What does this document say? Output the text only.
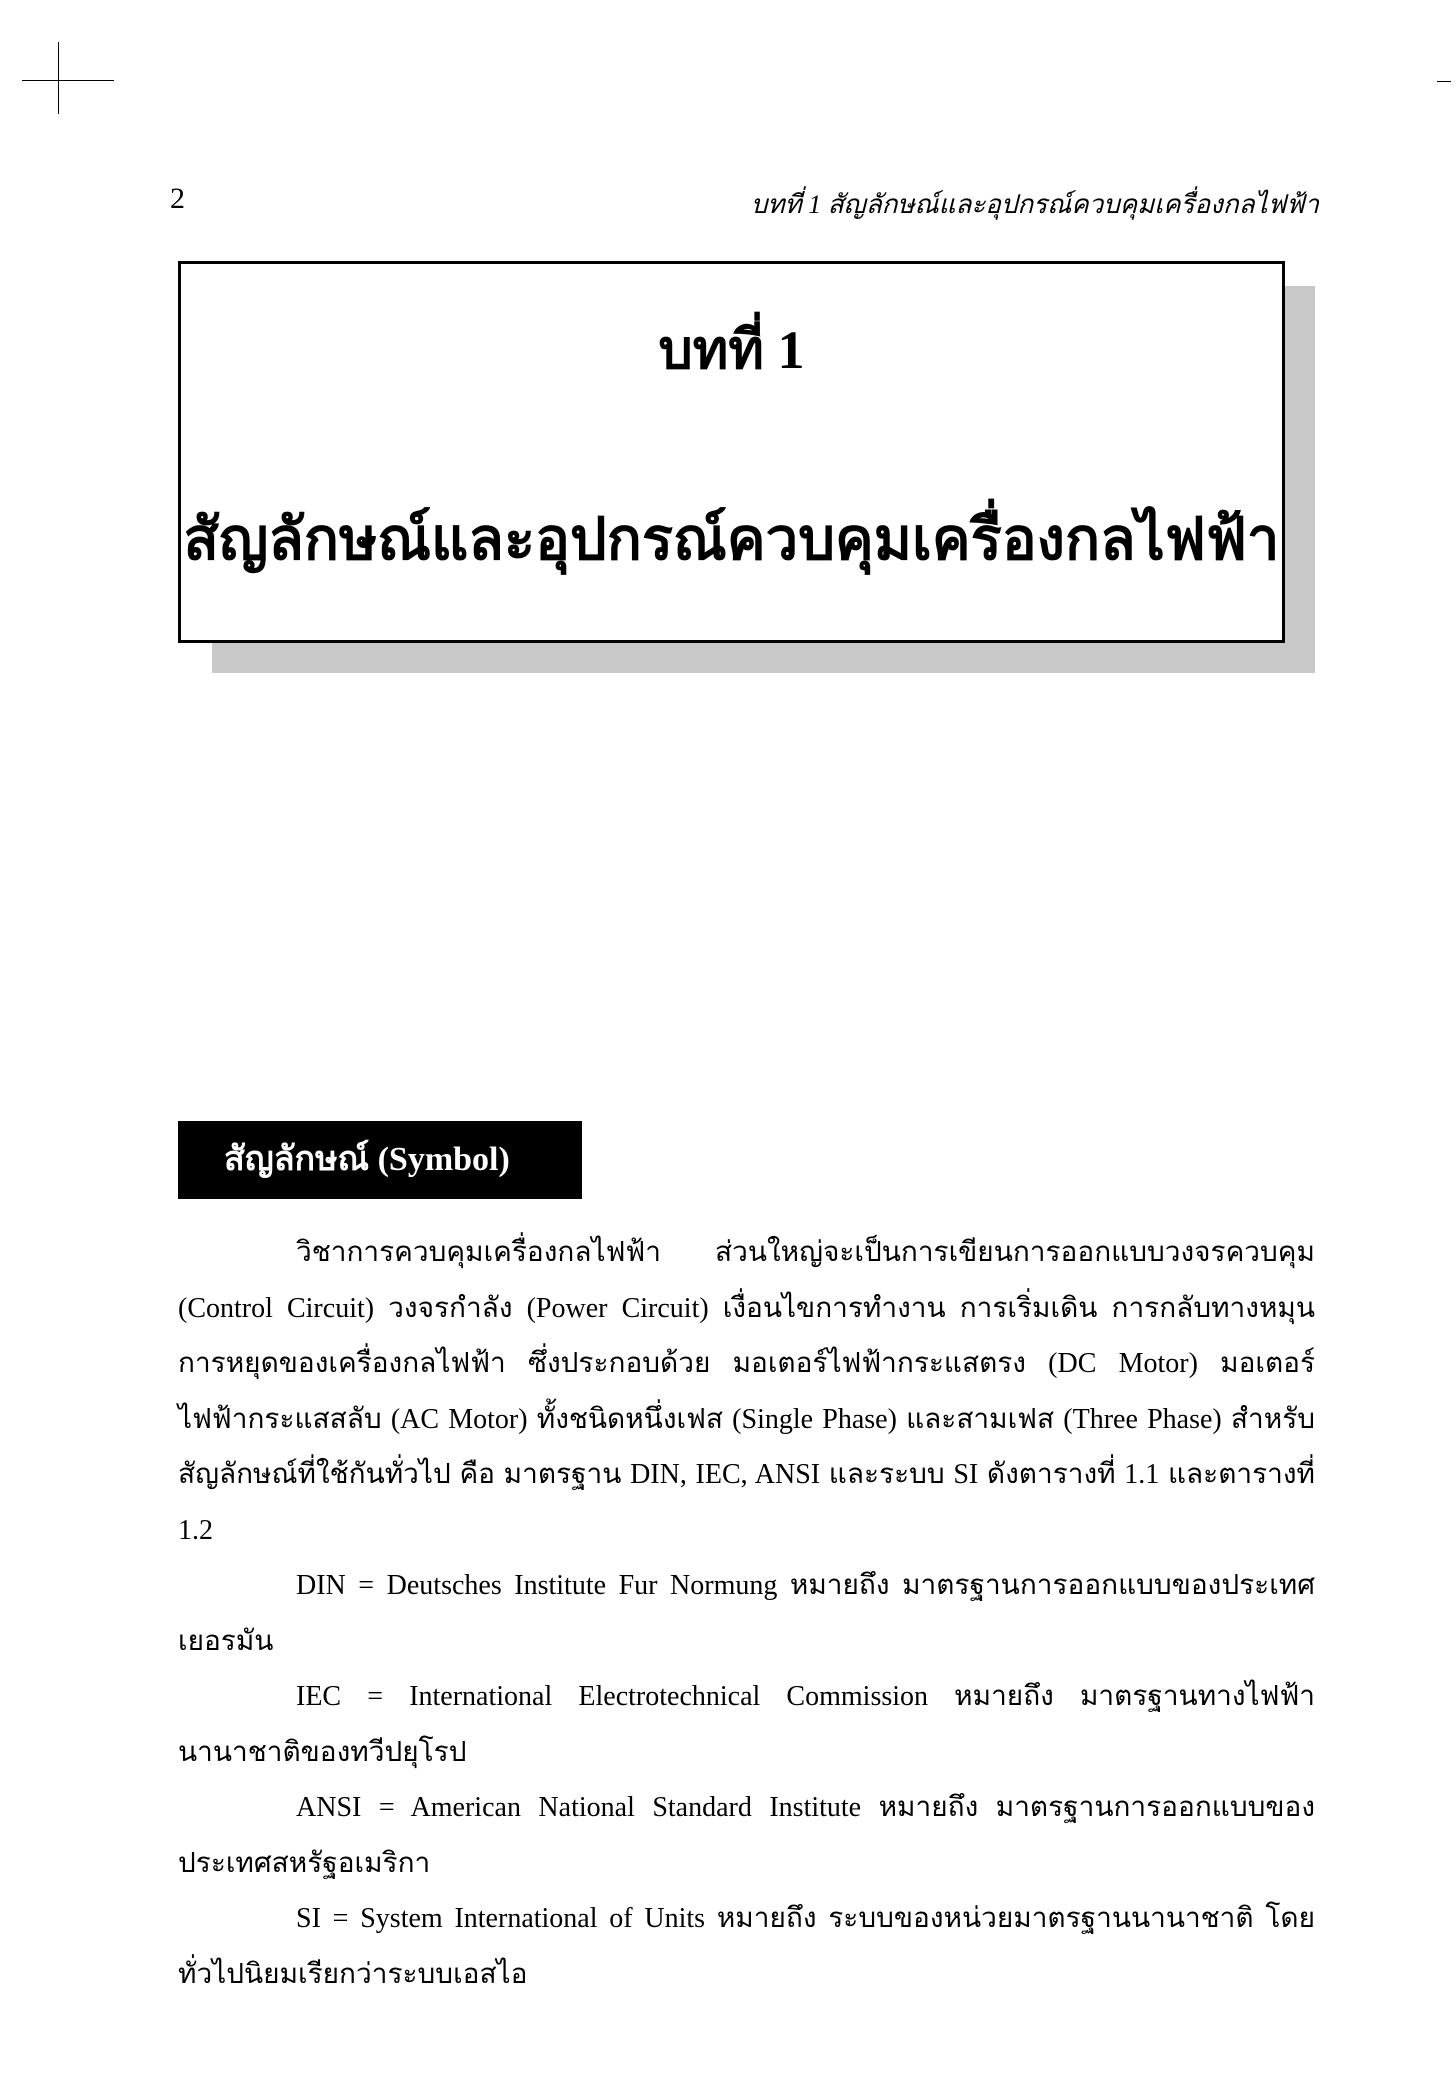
2	บทที่ 1 สัญลักษณ์และอุปกรณ์ควบคุมเครื่องกลไฟฟ้า
บทที่ 1
สัญลักษณ์และอุปกรณ์ควบคุมเครื่องกลไฟฟ้า
สัญลักษณ์ (Symbol)

วิชาการควบคุมเครื่องกลไฟฟ้า ส่วนใหญ่จะเป็นการเขียนการออกแบบวงจรควบคุม (Control Circuit) วงจรกำลัง (Power Circuit) เงื่อนไขการทำงาน การเริ่มเดิน การกลับทางหมุน การหยุดของเครื่องกลไฟฟ้า ซึ่งประกอบด้วย มอเตอร์ไฟฟ้ากระแสตรง (DC Motor) มอเตอร์ไฟฟ้ากระแสสลับ (AC Motor) ทั้งชนิดหนึ่งเฟส (Single Phase) และสามเฟส (Three Phase) สำหรับสัญลักษณ์ที่ใช้กันทั่วไป คือ มาตรฐาน DIN, IEC, ANSI และระบบ SI ดังตารางที่ 1.1 และตารางที่ 1.2

DIN = Deutsches Institute Fur Normung หมายถึง มาตรฐานการออกแบบของประเทศเยอรมัน

IEC = International Electrotechnical Commission หมายถึง มาตรฐานทางไฟฟ้านานาชาติของทวีปยุโรป

ANSI = American National Standard Institute หมายถึง มาตรฐานการออกแบบของประเทศสหรัฐอเมริกา

SI = System International of Units หมายถึง ระบบของหน่วยมาตรฐานนานาชาติ โดยทั่วไปนิยมเรียกว่าระบบเอสไอ
